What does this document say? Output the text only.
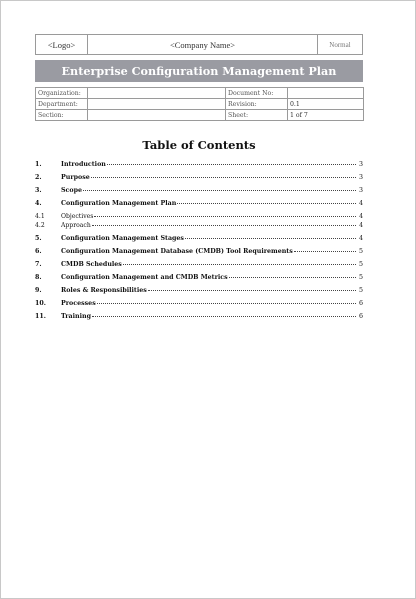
<Logo>	<Company Name>	Normal
Enterprise Configuration Management Plan
Organization:		Document No:	
Department:		Revision:	0.1
Section:		Sheet:	1 of 7
Table of Contents
1.	Introduction	3
2.	Purpose	3
3.	Scope	3
4.	Configuration Management Plan	4
4.1	Objectives	4
4.2	Approach	4
5.	Configuration Management Stages	4
6.	Configuration Management Database (CMDB) Tool Requirements	5
7.	CMDB Schedules	5
8.	Configuration Management and CMDB Metrics	5
9.	Roles & Responsibilities	5
10.	Processes	6
11.	Training	6
